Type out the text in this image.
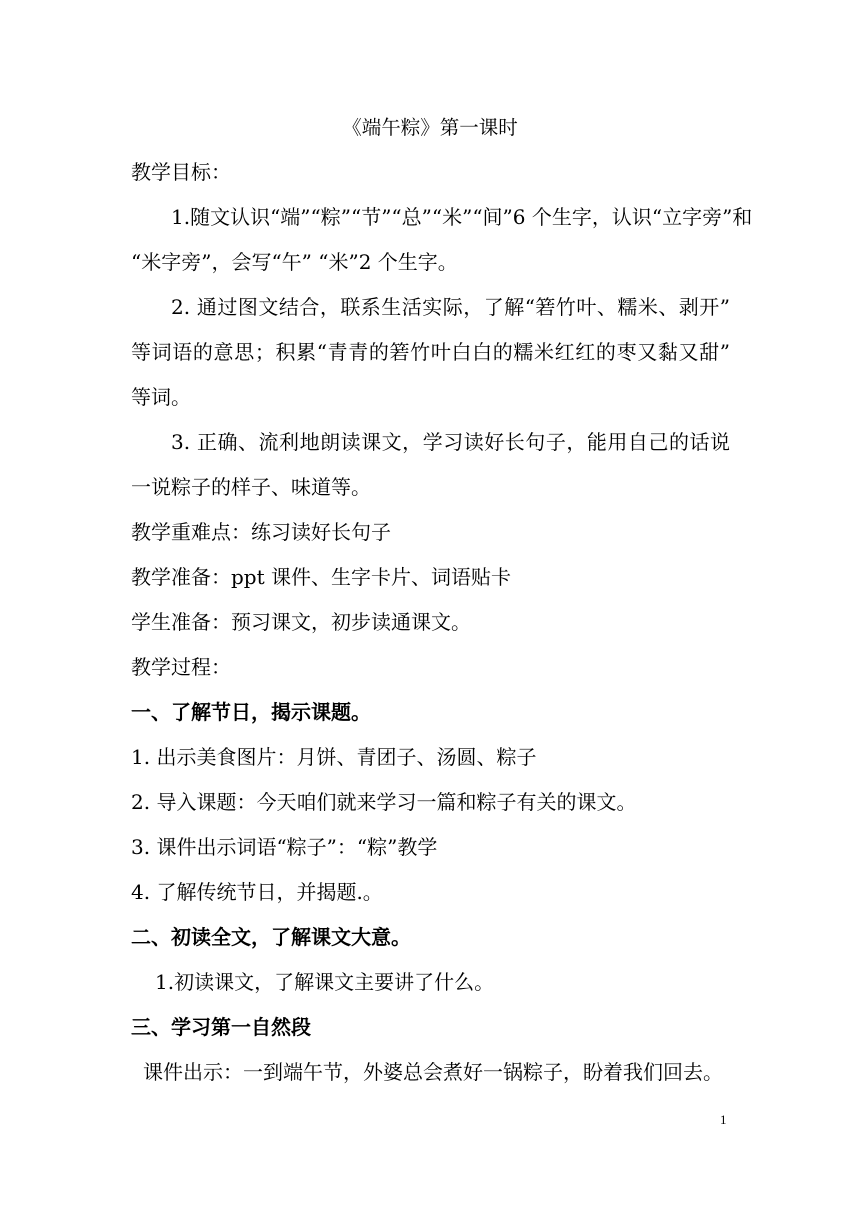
《端午粽》第一课时
教学目标：
1.随文认识“端”“粽”“节”“总”“米”“间”6 个生字，认识“立字旁”和
“米字旁”，会写“午” “米”2 个生字。
2. 通过图文结合，联系生活实际，了解“箬竹叶、糯米、剥开”
等词语的意思；积累“青青的箬竹叶白白的糯米红红的枣又黏又甜”
等词。
3. 正确、流利地朗读课文，学习读好长句子，能用自己的话说
一说粽子的样子、味道等。
教学重难点：练习读好长句子
教学准备：ppt 课件、生字卡片、词语贴卡
学生准备：预习课文，初步读通课文。
教学过程：
一、了解节日，揭示课题。
1. 出示美食图片：月饼、青团子、汤圆、粽子
2. 导入课题：今天咱们就来学习一篇和粽子有关的课文。
3. 课件出示词语“粽子”：“粽”教学
4. 了解传统节日，并揭题.。
二、初读全文，了解课文大意。
1.初读课文，了解课文主要讲了什么。
三、学习第一自然段
课件出示：一到端午节，外婆总会煮好一锅粽子，盼着我们回去。
1
